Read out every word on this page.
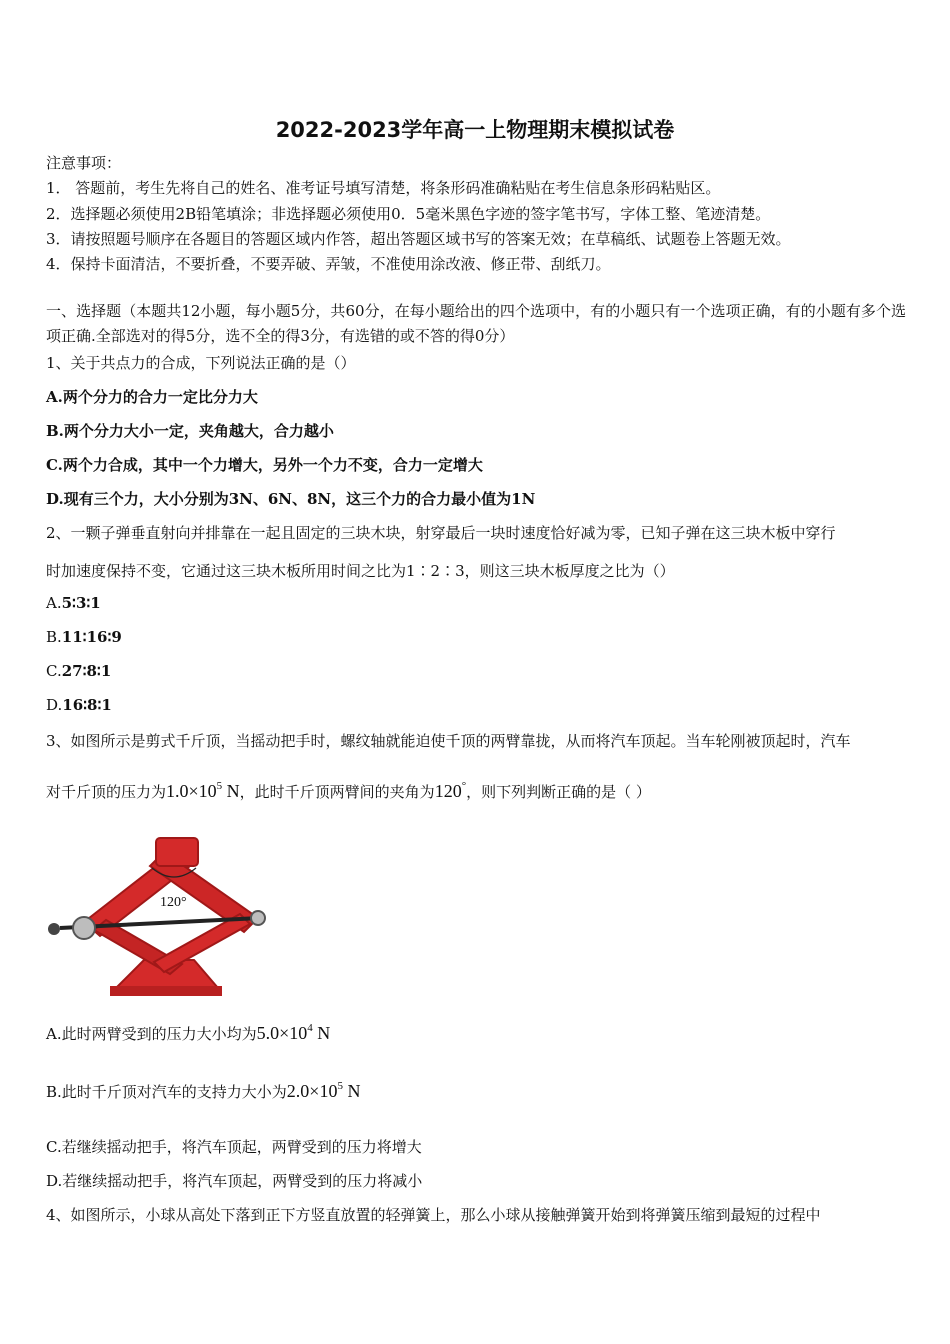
2022-2023学年高一上物理期末模拟试卷
注意事项：
1． 答题前，考生先将自己的姓名、准考证号填写清楚，将条形码准确粘贴在考生信息条形码粘贴区。
2．选择题必须使用2B铅笔填涂；非选择题必须使用0．5毫米黑色字迹的签字笔书写，字体工整、笔迹清楚。
3．请按照题号顺序在各题目的答题区域内作答，超出答题区域书写的答案无效；在草稿纸、试题卷上答题无效。
4．保持卡面清洁，不要折叠，不要弄破、弄皱，不准使用涂改液、修正带、刮纸刀。
一、选择题（本题共12小题，每小题5分，共60分，在每小题给出的四个选项中，有的小题只有一个选项正确，有的小题有多个选项正确.全部选对的得5分，选不全的得3分，有选错的或不答的得0分）
1、关于共点力的合成，下列说法正确的是（）
A.两个分力的合力一定比分力大
B.两个分力大小一定，夹角越大，合力越小
C.两个力合成，其中一个力增大，另外一个力不变，合力一定增大
D.现有三个力，大小分别为3N、6N、8N，这三个力的合力最小值为1N
2、一颗子弹垂直射向并排靠在一起且固定的三块木块，射穿最后一块时速度恰好减为零，已知子弹在这三块木板中穿行
时加速度保持不变，它通过这三块木板所用时间之比为1∶2∶3，则这三块木板厚度之比为（）
A.5∶3∶1
B.11∶16∶9
C.27∶8∶1
D.16∶8∶1
3、如图所示是剪式千斤顶，当摇动把手时，螺纹轴就能迫使千顶的两臂靠拢，从而将汽车顶起。当车轮刚被顶起时，汽车
对千斤顶的压力为$1.0\times 10^5$ N，此时千斤顶两臂间的夹角为120°，则下列判断正确的是（ ）
120°
A.此时两臂受到的压力大小均为$5.0\times 10^4$ N
B.此时千斤顶对汽车的支持力大小为$2.0\times 10^5$ N
C.若继续摇动把手，将汽车顶起，两臂受到的压力将增大
D.若继续摇动把手，将汽车顶起，两臂受到的压力将减小
4、如图所示，小球从高处下落到正下方竖直放置的轻弹簧上，那么小球从接触弹簧开始到将弹簧压缩到最短的过程中
